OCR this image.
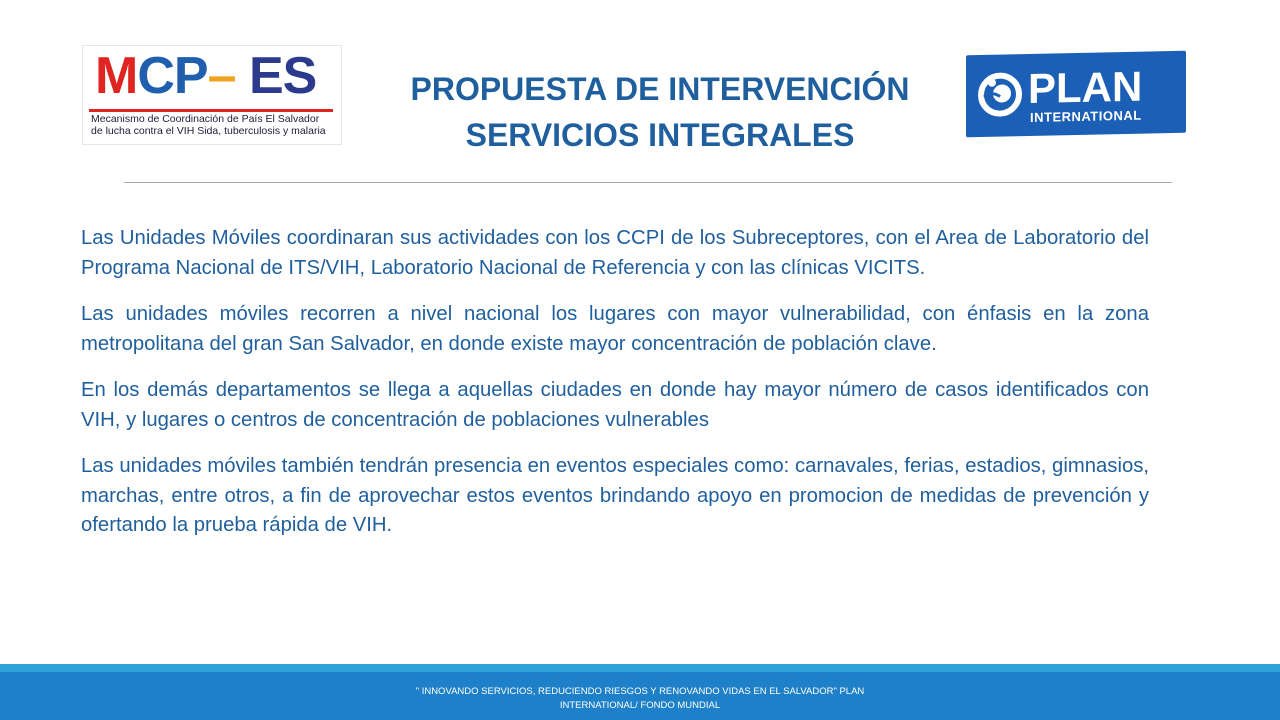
MCP– ES
Mecanismo de Coordinación de País El Salvador
de lucha contra el VIH Sida, tuberculosis y malaria
PROPUESTA DE INTERVENCIÓN
SERVICIOS INTEGRALES
PLAN
INTERNATIONAL

Las Unidades Móviles coordinaran sus actividades con los CCPI de los Subreceptores, con el Area de Laboratorio del Programa Nacional de ITS/VIH, Laboratorio Nacional de Referencia y con las clínicas VICITS.

Las unidades móviles recorren a nivel nacional los lugares con mayor vulnerabilidad, con énfasis en la zona metropolitana del gran San Salvador, en donde existe mayor concentración de población clave.

En los demás departamentos se llega a aquellas ciudades en donde hay mayor número de casos identificados con VIH, y lugares o centros de concentración de poblaciones vulnerables

Las unidades móviles también tendrán presencia en eventos especiales como: carnavales, ferias, estadios, gimnasios, marchas, entre otros, a fin de aprovechar estos eventos brindando apoyo en promocion de medidas de prevención y ofertando la prueba rápida de VIH.

" INNOVANDO SERVICIOS, REDUCIENDO RIESGOS Y RENOVANDO VIDAS EN EL SALVADOR" PLAN
INTERNATIONAL/ FONDO MUNDIAL
